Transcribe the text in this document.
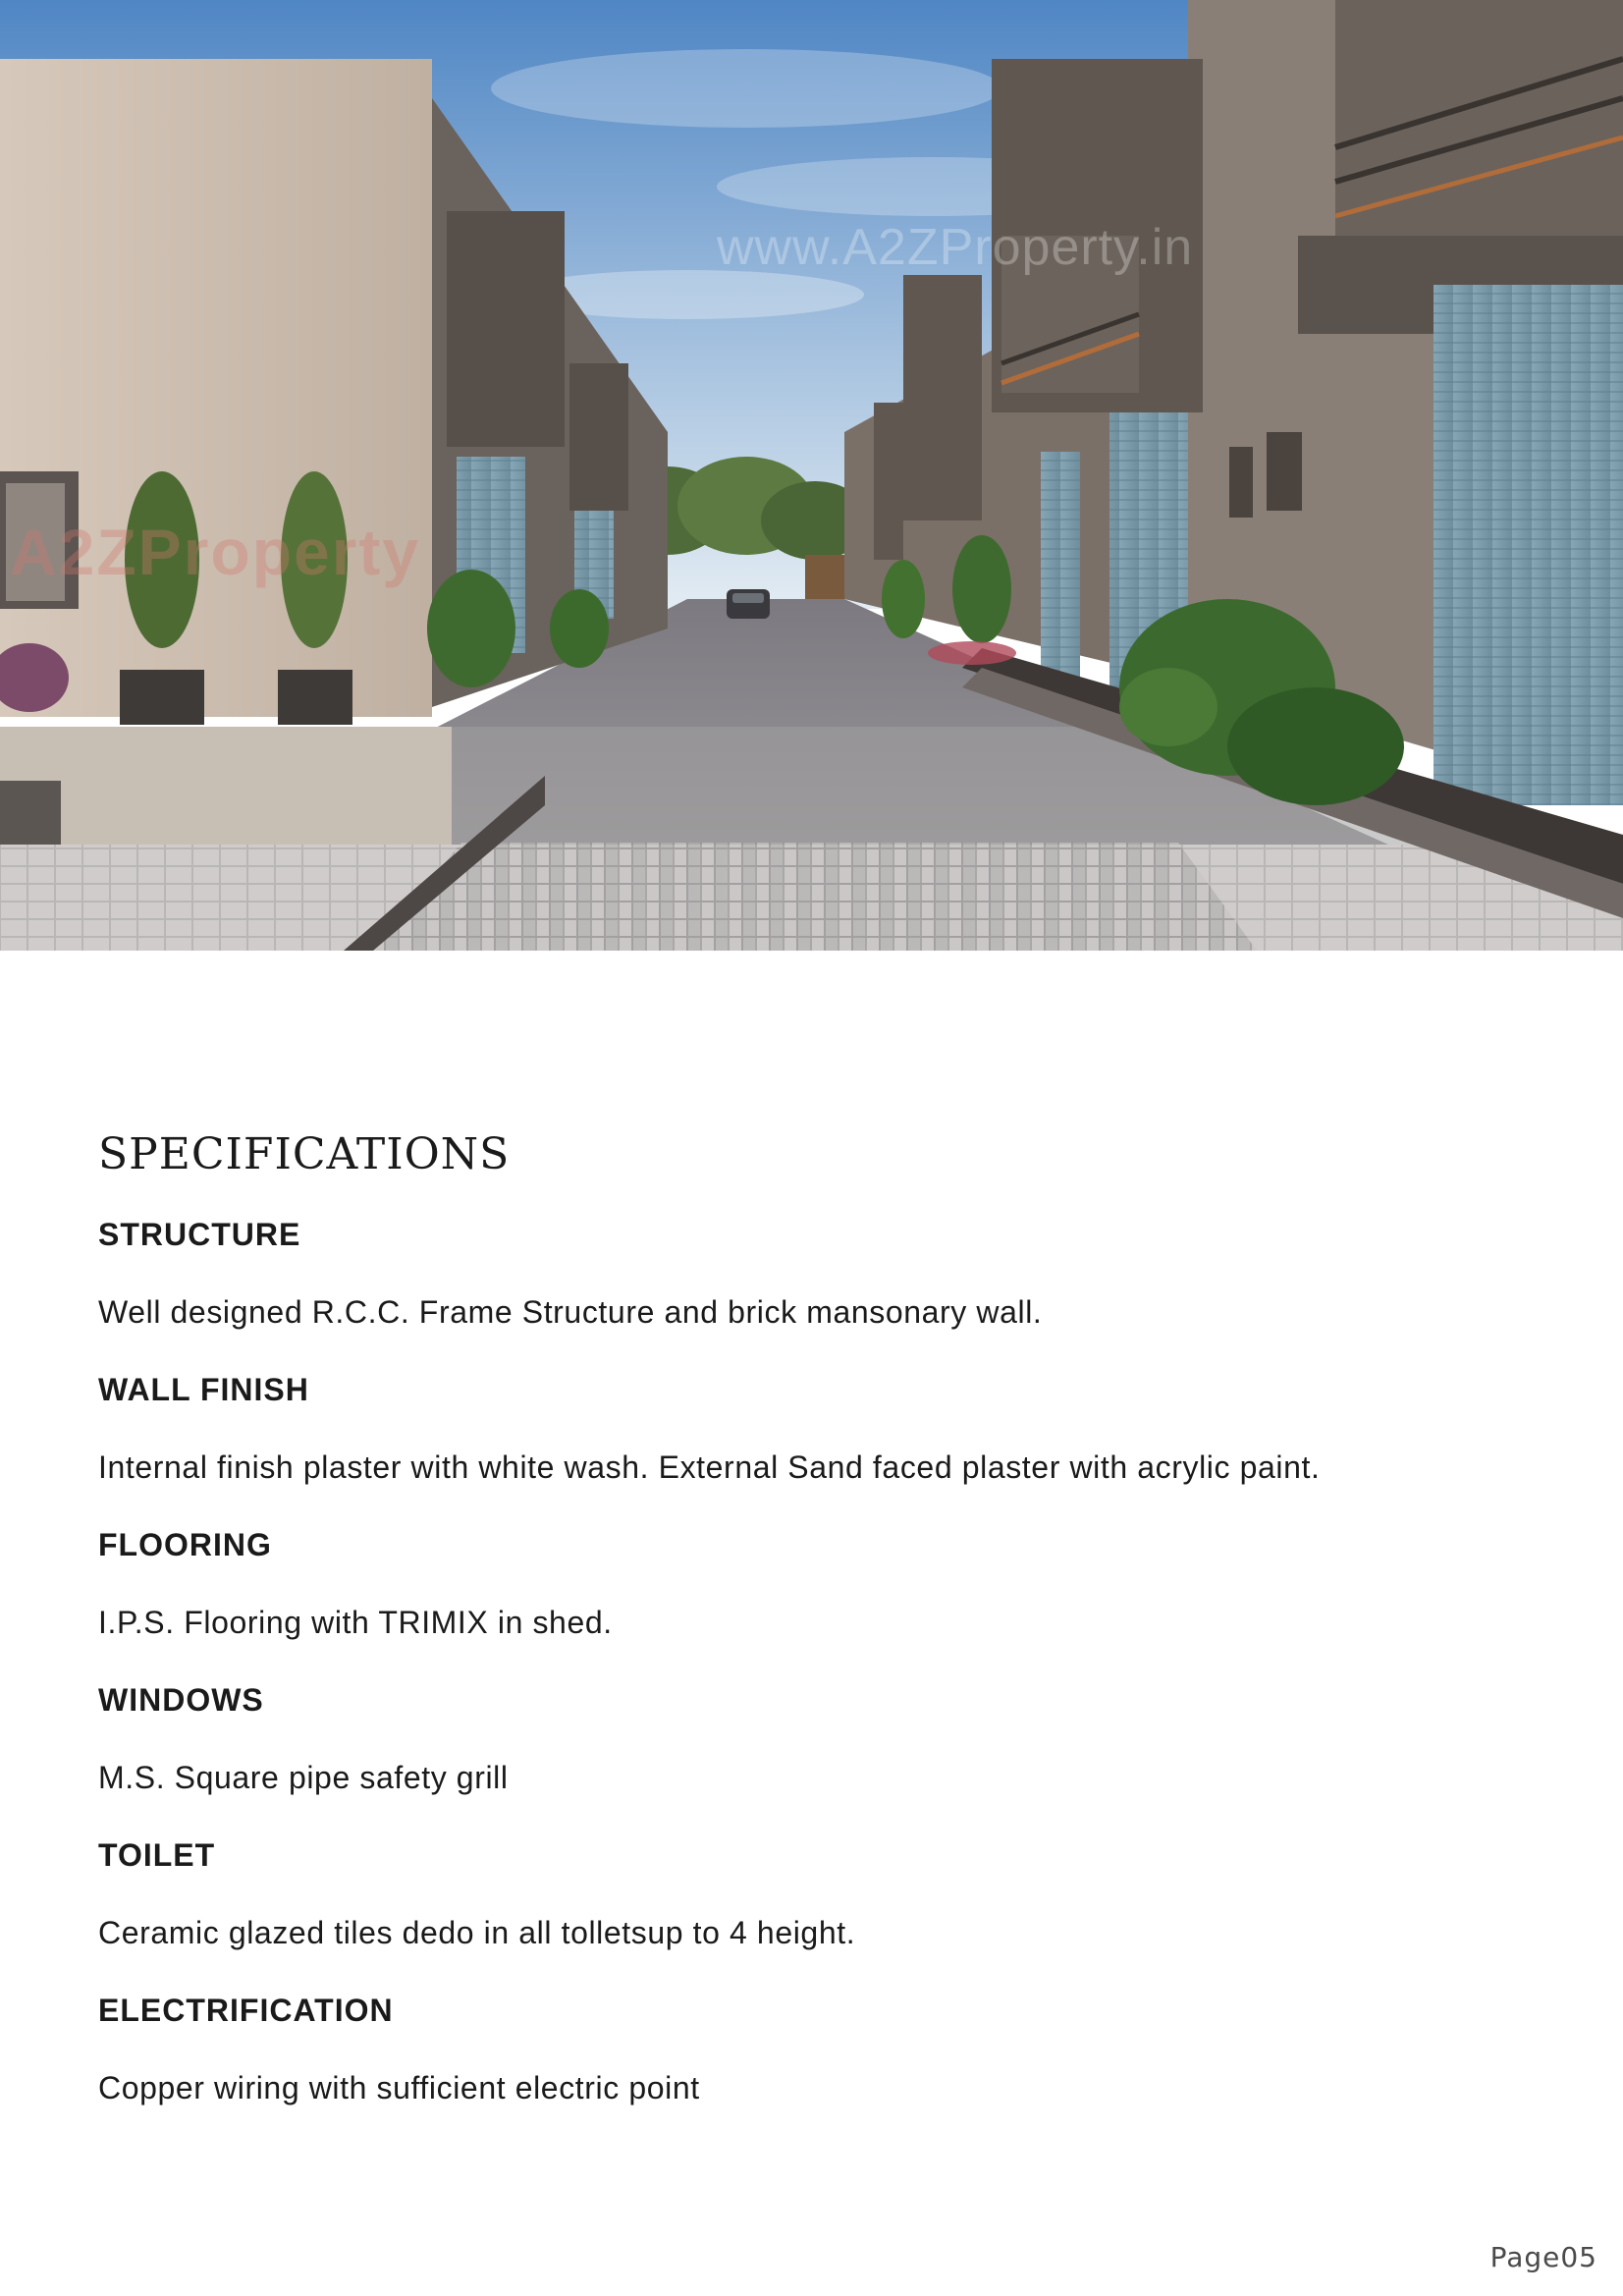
www.A2ZProperty.in
A2ZProperty
SPECIFICATIONS
STRUCTURE

Well designed R.C.C. Frame Structure and brick mansonary wall.

WALL FINISH

Internal finish plaster with white wash. External Sand faced plaster with acrylic paint.

FLOORING

I.P.S. Flooring with TRIMIX in shed.

WINDOWS

M.S. Square pipe safety grill

TOILET

Ceramic glazed tiles dedo in all tolletsup to 4 height.

ELECTRIFICATION

Copper wiring with sufficient electric point

Page05
